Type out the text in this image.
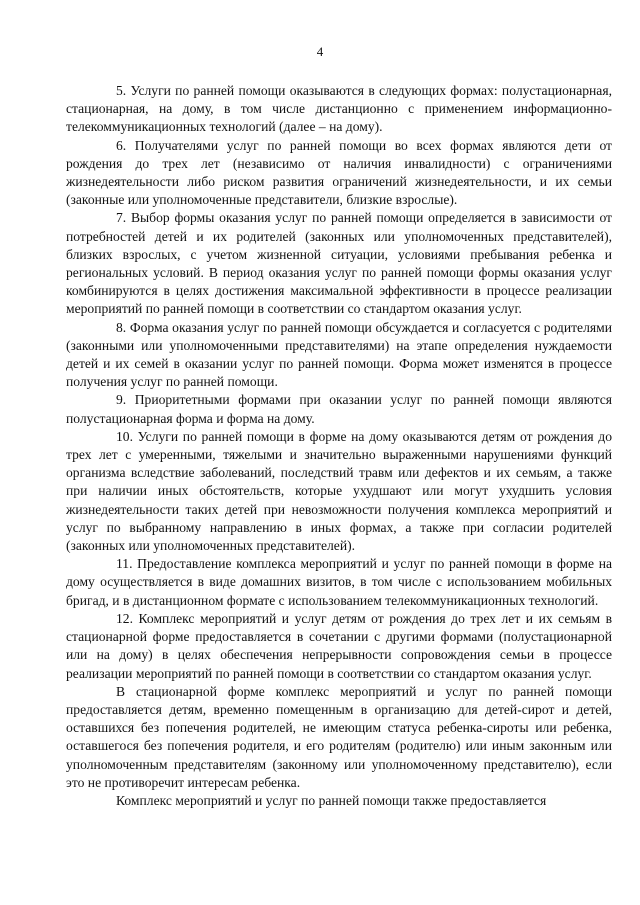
4

5. Услуги по ранней помощи оказываются в следующих формах: полустационарная, стационарная, на дому, в том числе дистанционно с применением информационно-телекоммуникационных технологий (далее – на дому).

6. Получателями услуг по ранней помощи во всех формах являются дети от рождения до трех лет (независимо от наличия инвалидности) с ограничениями жизнедеятельности либо риском развития ограничений жизнедеятельности, и их семьи (законные или уполномоченные представители, близкие взрослые).

7. Выбор формы оказания услуг по ранней помощи определяется в зависимости от потребностей детей и их родителей (законных или уполномоченных представителей), близких взрослых, с учетом жизненной ситуации, условиями пребывания ребенка и региональных условий. В период оказания услуг по ранней помощи формы оказания услуг комбинируются в целях достижения максимальной эффективности в процессе реализации мероприятий по ранней помощи в соответствии со стандартом оказания услуг.

8. Форма оказания услуг по ранней помощи обсуждается и согласуется с родителями (законными или уполномоченными представителями) на этапе определения нуждаемости детей и их семей в оказании услуг по ранней помощи. Форма может изменятся в процессе получения услуг по ранней помощи.

9. Приоритетными формами при оказании услуг по ранней помощи являются полустационарная форма и форма на дому.

10. Услуги по ранней помощи в форме на дому оказываются детям от рождения до трех лет с умеренными, тяжелыми и значительно выраженными нарушениями функций организма вследствие заболеваний, последствий травм или дефектов и их семьям, а также при наличии иных обстоятельств, которые ухудшают или могут ухудшить условия жизнедеятельности таких детей при невозможности получения комплекса мероприятий и услуг по выбранному направлению в иных формах, а также при согласии родителей (законных или уполномоченных представителей).

11. Предоставление комплекса мероприятий и услуг по ранней помощи в форме на дому осуществляется в виде домашних визитов, в том числе с использованием мобильных бригад, и в дистанционном формате с использованием телекоммуникационных технологий.

12. Комплекс мероприятий и услуг детям от рождения до трех лет и их семьям в стационарной форме предоставляется в сочетании с другими формами (полустационарной или на дому) в целях обеспечения непрерывности сопровождения семьи в процессе реализации мероприятий по ранней помощи в соответствии со стандартом оказания услуг.

В стационарной форме комплекс мероприятий и услуг по ранней помощи предоставляется детям, временно помещенным в организацию для детей-сирот и детей, оставшихся без попечения родителей, не имеющим статуса ребенка-сироты или ребенка, оставшегося без попечения родителя, и его родителям (родителю) или иным законным или уполномоченным представителям (законному или уполномоченному представителю), если это не противоречит интересам ребенка.

Комплекс мероприятий и услуг по ранней помощи также предоставляется
